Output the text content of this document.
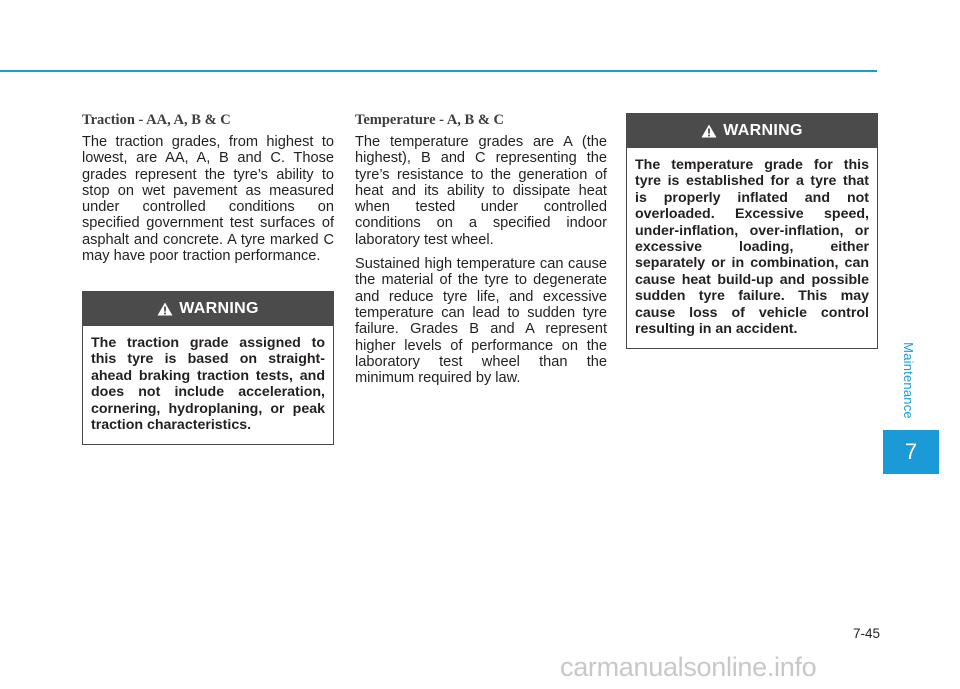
Traction - AA, A, B & C

The traction grades, from highest to lowest, are AA, A, B and C. Those grades represent the tyre’s ability to stop on wet pavement as measured under controlled conditions on specified government test surfaces of asphalt and concrete. A tyre marked C may have poor traction performance.

WARNING
The traction grade assigned to this tyre is based on straight-ahead braking traction tests, and does not include acceleration, cornering, hydroplaning, or peak traction characteristics.
Temperature - A, B & C

The temperature grades are A (the highest), B and C representing the tyre’s resistance to the generation of heat and its ability to dissipate heat when tested under controlled conditions on a specified indoor laboratory test wheel.

Sustained high temperature can cause the material of the tyre to degenerate and reduce tyre life, and excessive temperature can lead to sudden tyre failure. Grades B and A represent higher levels of performance on the laboratory test wheel than the minimum required by law.

WARNING
The temperature grade for this tyre is established for a tyre that is properly inflated and not overloaded. Excessive speed, under-inflation, over-inflation, or excessive loading, either separately or in combination, can cause heat build-up and possible sudden tyre failure. This may cause loss of vehicle control resulting in an accident.
Maintenance
7
7-45
carmanualsonline.info
